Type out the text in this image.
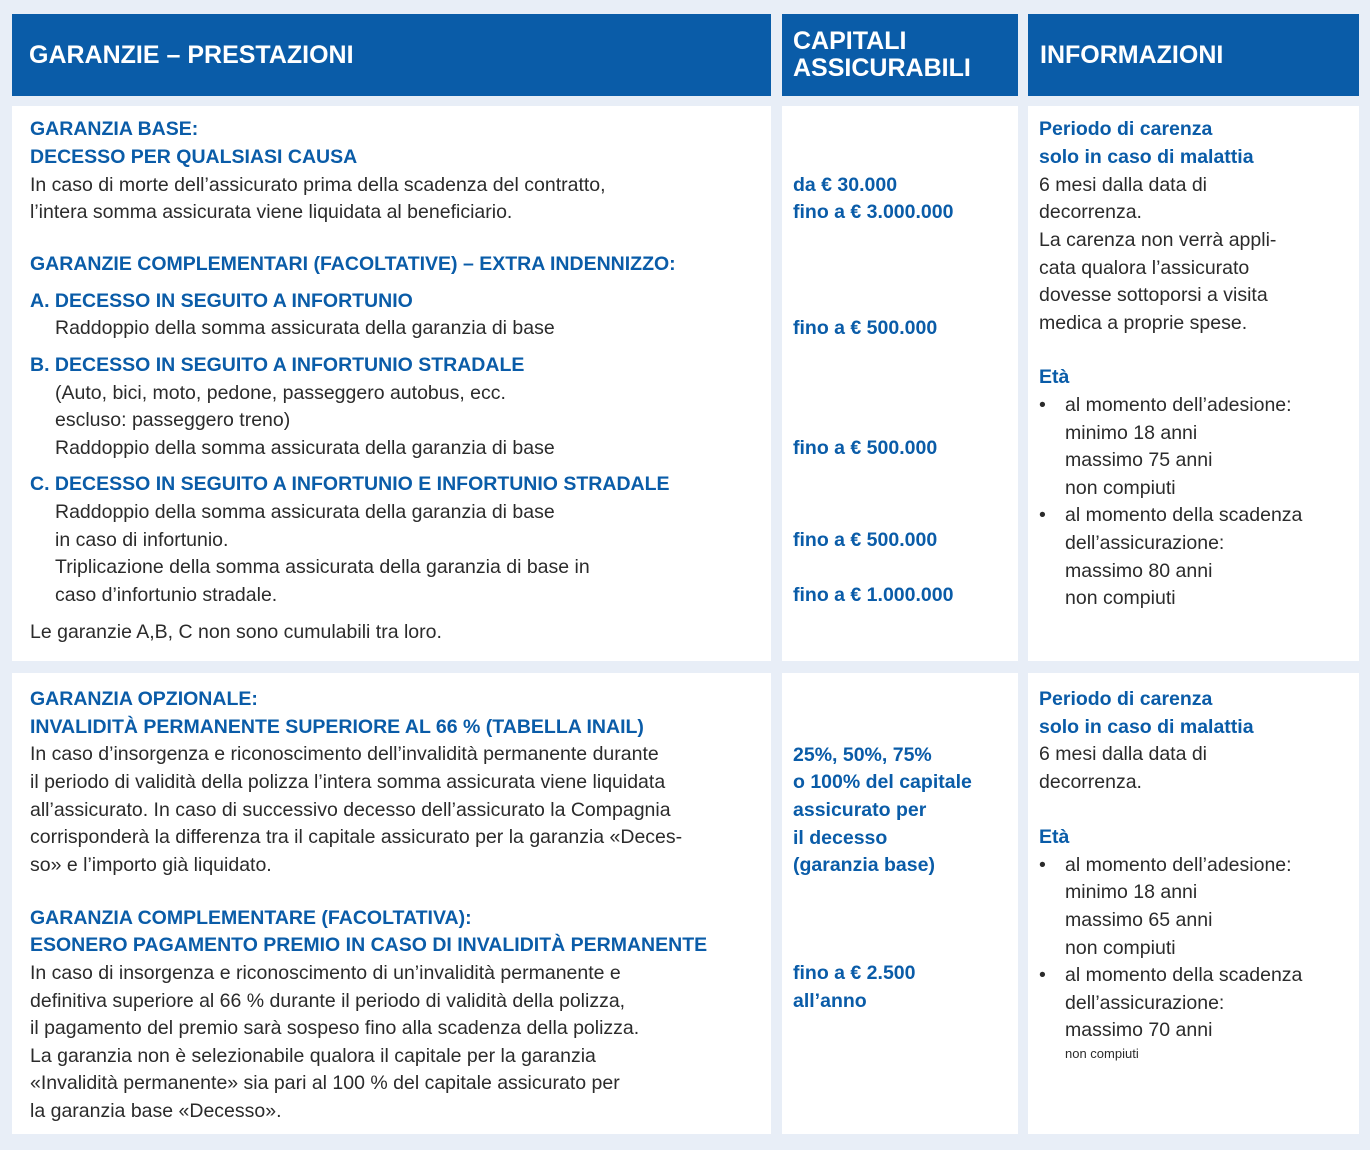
GARANZIE – PRESTAZIONI	CAPITALI
ASSICURABILI	INFORMAZIONI
GARANZIA BASE:
DECESSO PER QUALSIASI CAUSA
In caso di morte dell’assicurato prima della scadenza del contratto,
l’intera somma assicurata viene liquidata al beneficiario.
GARANZIE COMPLEMENTARI (FACOLTATIVE) – EXTRA INDENNIZZO:
A. DECESSO IN SEGUITO A INFORTUNIO
Raddoppio della somma assicurata della garanzia di base
B. DECESSO IN SEGUITO A INFORTUNIO STRADALE
(Auto, bici, moto, pedone, passeggero autobus, ecc.
escluso: passeggero treno)
Raddoppio della somma assicurata della garanzia di base
C. DECESSO IN SEGUITO A INFORTUNIO E INFORTUNIO STRADALE
Raddoppio della somma assicurata della garanzia di base
in caso di infortunio.
Triplicazione della somma assicurata della garanzia di base in
caso d’infortunio stradale.
Le garanzie A,B, C non sono cumulabili tra loro.
da € 30.000
fino a € 3.000.000
fino a € 500.000
fino a € 500.000
fino a € 500.000
fino a € 1.000.000
Periodo di carenza
solo in caso di malattia
6 mesi dalla data di
decorrenza.
La carenza non verrà appli-
cata qualora l’assicurato
dovesse sottoporsi a visita
medica a proprie spese.
Età
• al momento dell’adesione:
minimo 18 anni
massimo 75 anni
non compiuti
• al momento della scadenza
dell’assicurazione:
massimo 80 anni
non compiuti
GARANZIA OPZIONALE:
INVALIDITÀ PERMANENTE SUPERIORE AL 66 % (TABELLA INAIL)
In caso d’insorgenza e riconoscimento dell’invalidità permanente durante
il periodo di validità della polizza l’intera somma assicurata viene liquidata
all’assicurato. In caso di successivo decesso dell’assicurato la Compagnia
corrisponderà la differenza tra il capitale assicurato per la garanzia «Deces-
so» e l’importo già liquidato.
GARANZIA COMPLEMENTARE (FACOLTATIVA):
ESONERO PAGAMENTO PREMIO IN CASO DI INVALIDITÀ PERMANENTE
In caso di insorgenza e riconoscimento di un’invalidità permanente e
definitiva superiore al 66 % durante il periodo di validità della polizza,
il pagamento del premio sarà sospeso fino alla scadenza della polizza.
La garanzia non è selezionabile qualora il capitale per la garanzia
«Invalidità permanente» sia pari al 100 % del capitale assicurato per
la garanzia base «Decesso».
25%, 50%, 75%
o 100% del capitale
assicurato per
il decesso
(garanzia base)
fino a € 2.500
all’anno
Periodo di carenza
solo in caso di malattia
6 mesi dalla data di
decorrenza.
Età
• al momento dell’adesione:
minimo 18 anni
massimo 65 anni
non compiuti
• al momento della scadenza
dell’assicurazione:
massimo 70 anni
non compiuti
